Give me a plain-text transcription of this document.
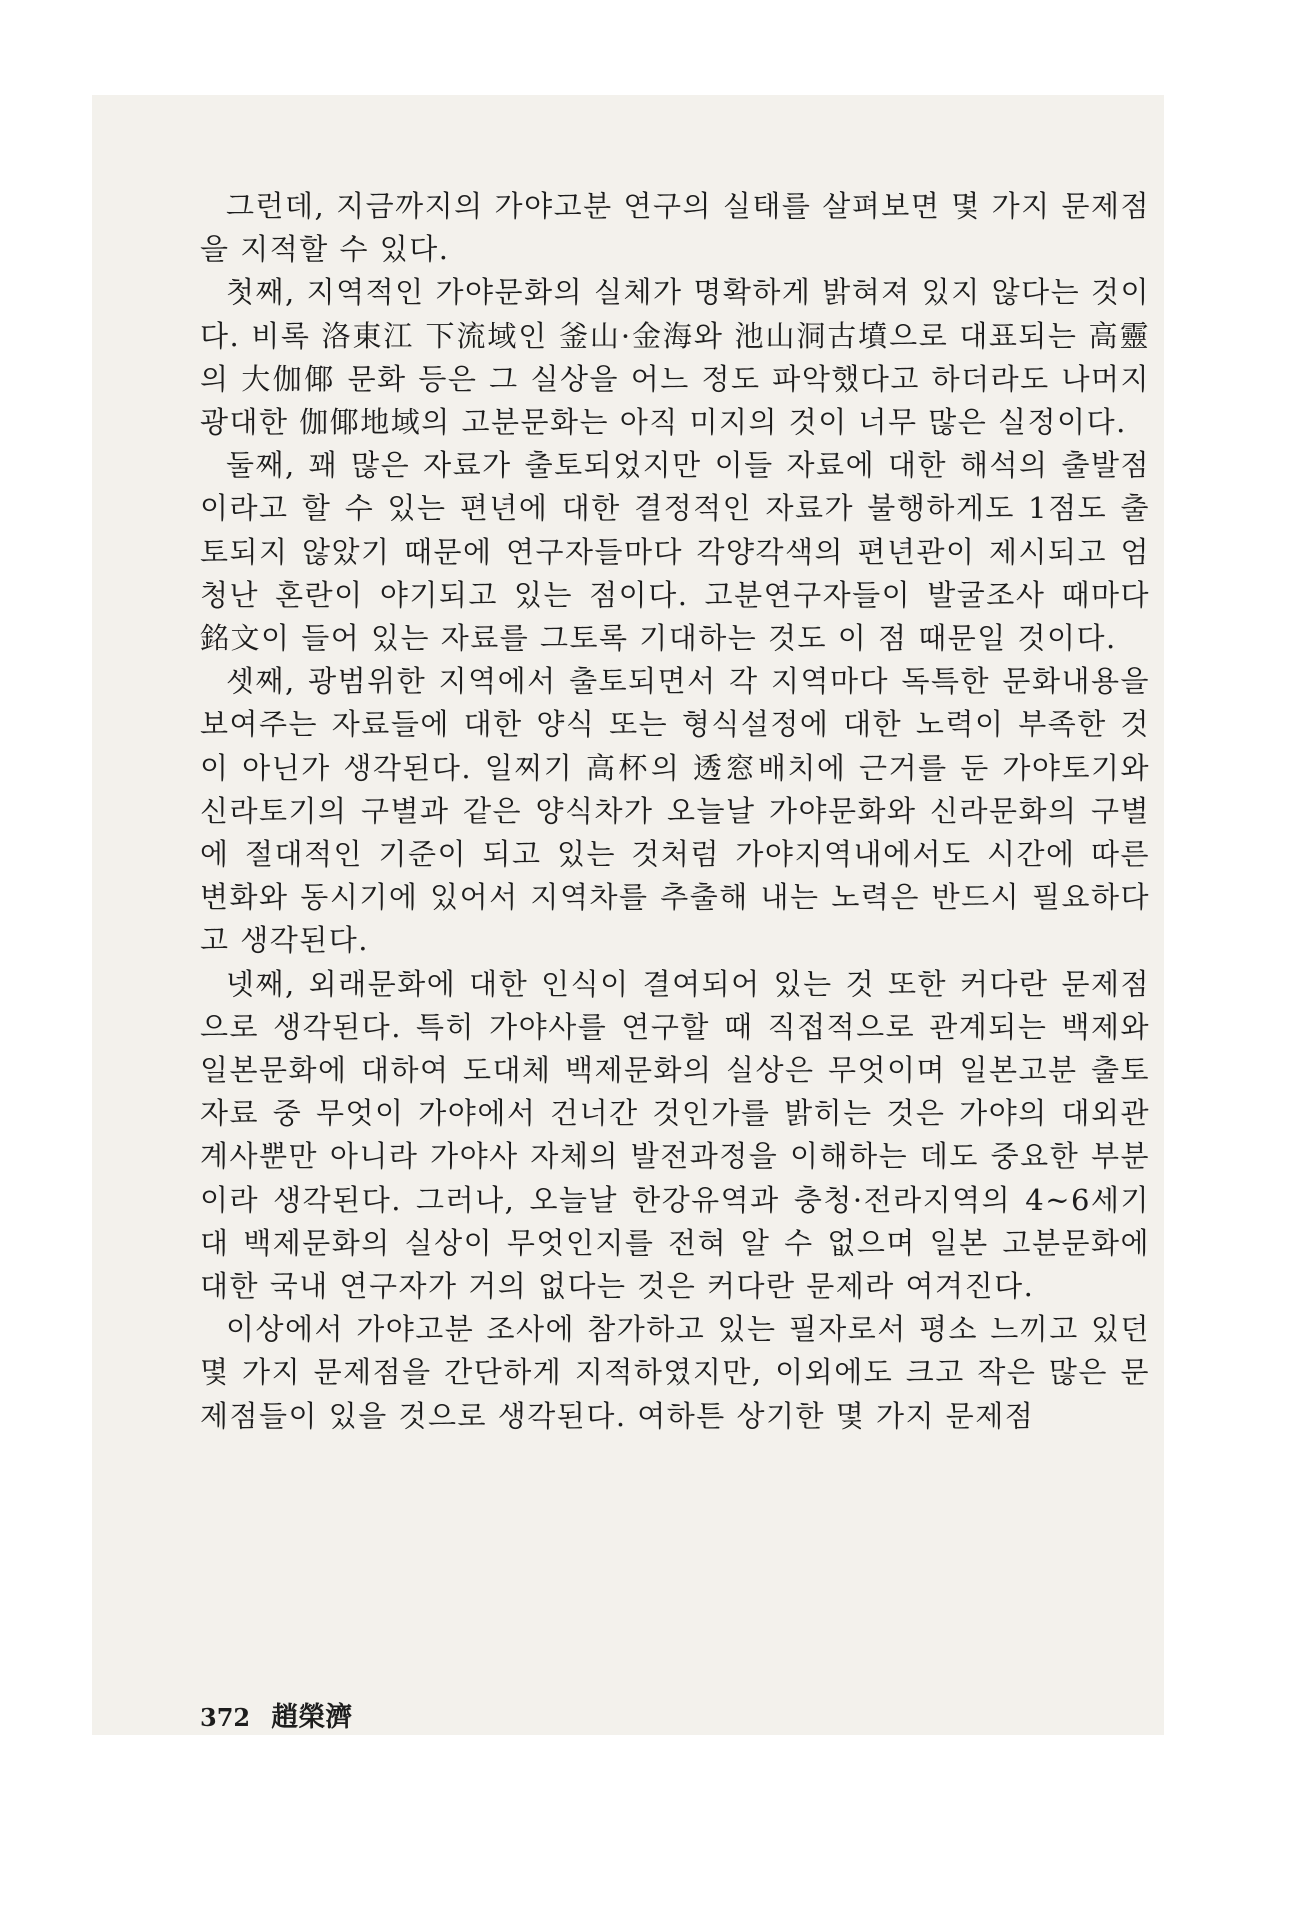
그런데, 지금까지의 가야고분 연구의 실태를 살펴보면 몇 가지 문제점을 지적할 수 있다.

첫째, 지역적인 가야문화의 실체가 명확하게 밝혀져 있지 않다는 것이다. 비록 洛東江 下流域인 釜山·金海와 池山洞古墳으로 대표되는 高靈의 大伽倻 문화 등은 그 실상을 어느 정도 파악했다고 하더라도 나머지 광대한 伽倻地域의 고분문화는 아직 미지의 것이 너무 많은 실정이다.

둘째, 꽤 많은 자료가 출토되었지만 이들 자료에 대한 해석의 출발점이라고 할 수 있는 편년에 대한 결정적인 자료가 불행하게도 1점도 출토되지 않았기 때문에 연구자들마다 각양각색의 편년관이 제시되고 엄청난 혼란이 야기되고 있는 점이다. 고분연구자들이 발굴조사 때마다 銘文이 들어 있는 자료를 그토록 기대하는 것도 이 점 때문일 것이다.

셋째, 광범위한 지역에서 출토되면서 각 지역마다 독특한 문화내용을 보여주는 자료들에 대한 양식 또는 형식설정에 대한 노력이 부족한 것이 아닌가 생각된다. 일찌기 高杯의 透窓배치에 근거를 둔 가야토기와 신라토기의 구별과 같은 양식차가 오늘날 가야문화와 신라문화의 구별에 절대적인 기준이 되고 있는 것처럼 가야지역내에서도 시간에 따른 변화와 동시기에 있어서 지역차를 추출해 내는 노력은 반드시 필요하다고 생각된다.

넷째, 외래문화에 대한 인식이 결여되어 있는 것 또한 커다란 문제점으로 생각된다. 특히 가야사를 연구할 때 직접적으로 관계되는 백제와 일본문화에 대하여 도대체 백제문화의 실상은 무엇이며 일본고분 출토자료 중 무엇이 가야에서 건너간 것인가를 밝히는 것은 가야의 대외관계사뿐만 아니라 가야사 자체의 발전과정을 이해하는 데도 중요한 부분이라 생각된다. 그러나, 오늘날 한강유역과 충청·전라지역의 4~6세기대 백제문화의 실상이 무엇인지를 전혀 알 수 없으며 일본 고분문화에 대한 국내 연구자가 거의 없다는 것은 커다란 문제라 여겨진다.

이상에서 가야고분 조사에 참가하고 있는 필자로서 평소 느끼고 있던 몇 가지 문제점을 간단하게 지적하였지만, 이외에도 크고 작은 많은 문제점들이 있을 것으로 생각된다. 여하튼 상기한 몇 가지 문제점

372 趙榮濟
